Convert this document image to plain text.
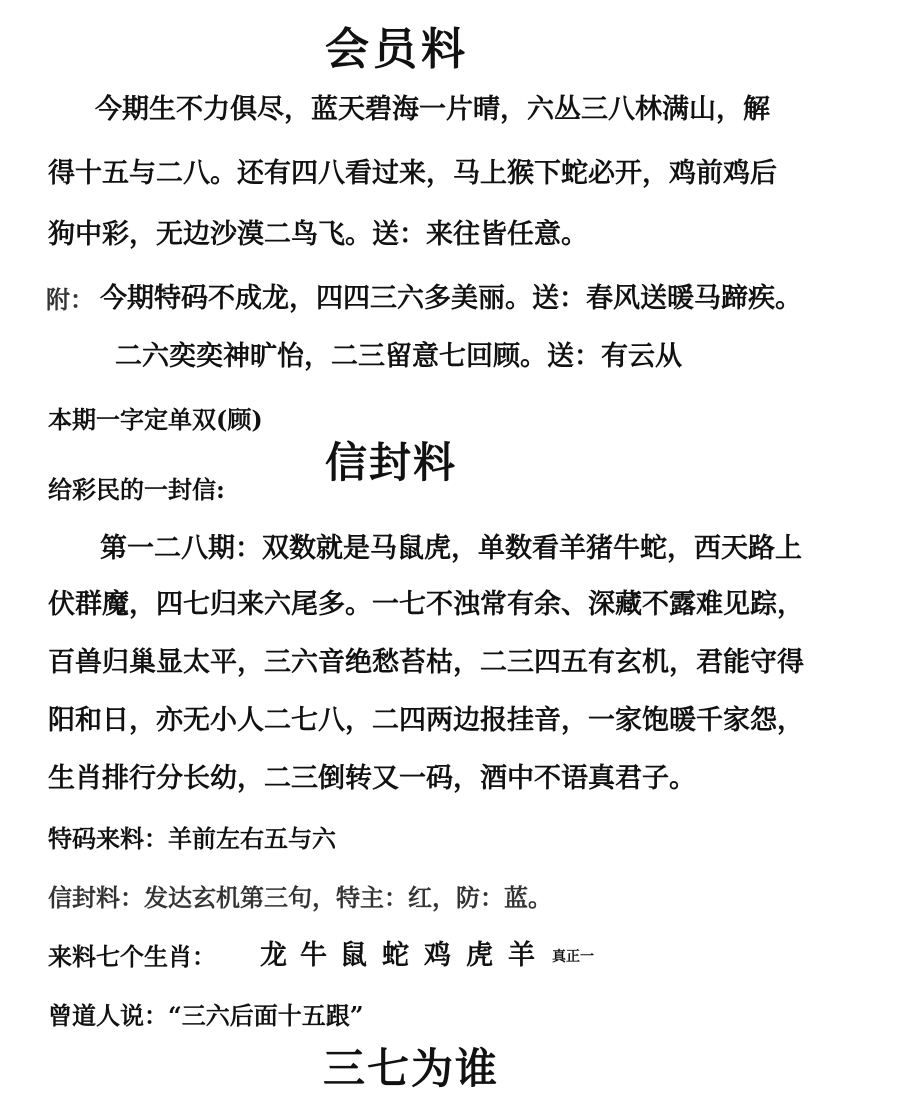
会员料
今期生不力俱尽，蓝天碧海一片晴，六丛三八林满山，解
得十五与二八。还有四八看过来，马上猴下蛇必开，鸡前鸡后
狗中彩，无边沙漠二鸟飞。送：来往皆任意。
附： 今期特码不成龙，四四三六多美丽。送：春风送暖马蹄疾。
二六奕奕神旷怡，二三留意七回顾。送：有云从
本期一字定单双(顾)
信封料
给彩民的一封信:
第一二八期：双数就是马鼠虎，单数看羊猪牛蛇，西天路上
伏群魔，四七归来六尾多。一七不浊常有余、深藏不露难见踪，
百兽归巢显太平，三六音绝愁苔枯，二三四五有玄机，君能守得
阳和日，亦无小人二七八，二四两边报挂音，一家饱暖千家怨，
生肖排行分长幼，二三倒转又一码，酒中不语真君子。
特码来料：羊前左右五与六
信封料：发达玄机第三句，特主：红，防：蓝。
来料七个生肖： 龙 牛 鼠 蛇 鸡 虎 羊 真正一
曾道人说：“三六后面十五跟”
三七为谁
